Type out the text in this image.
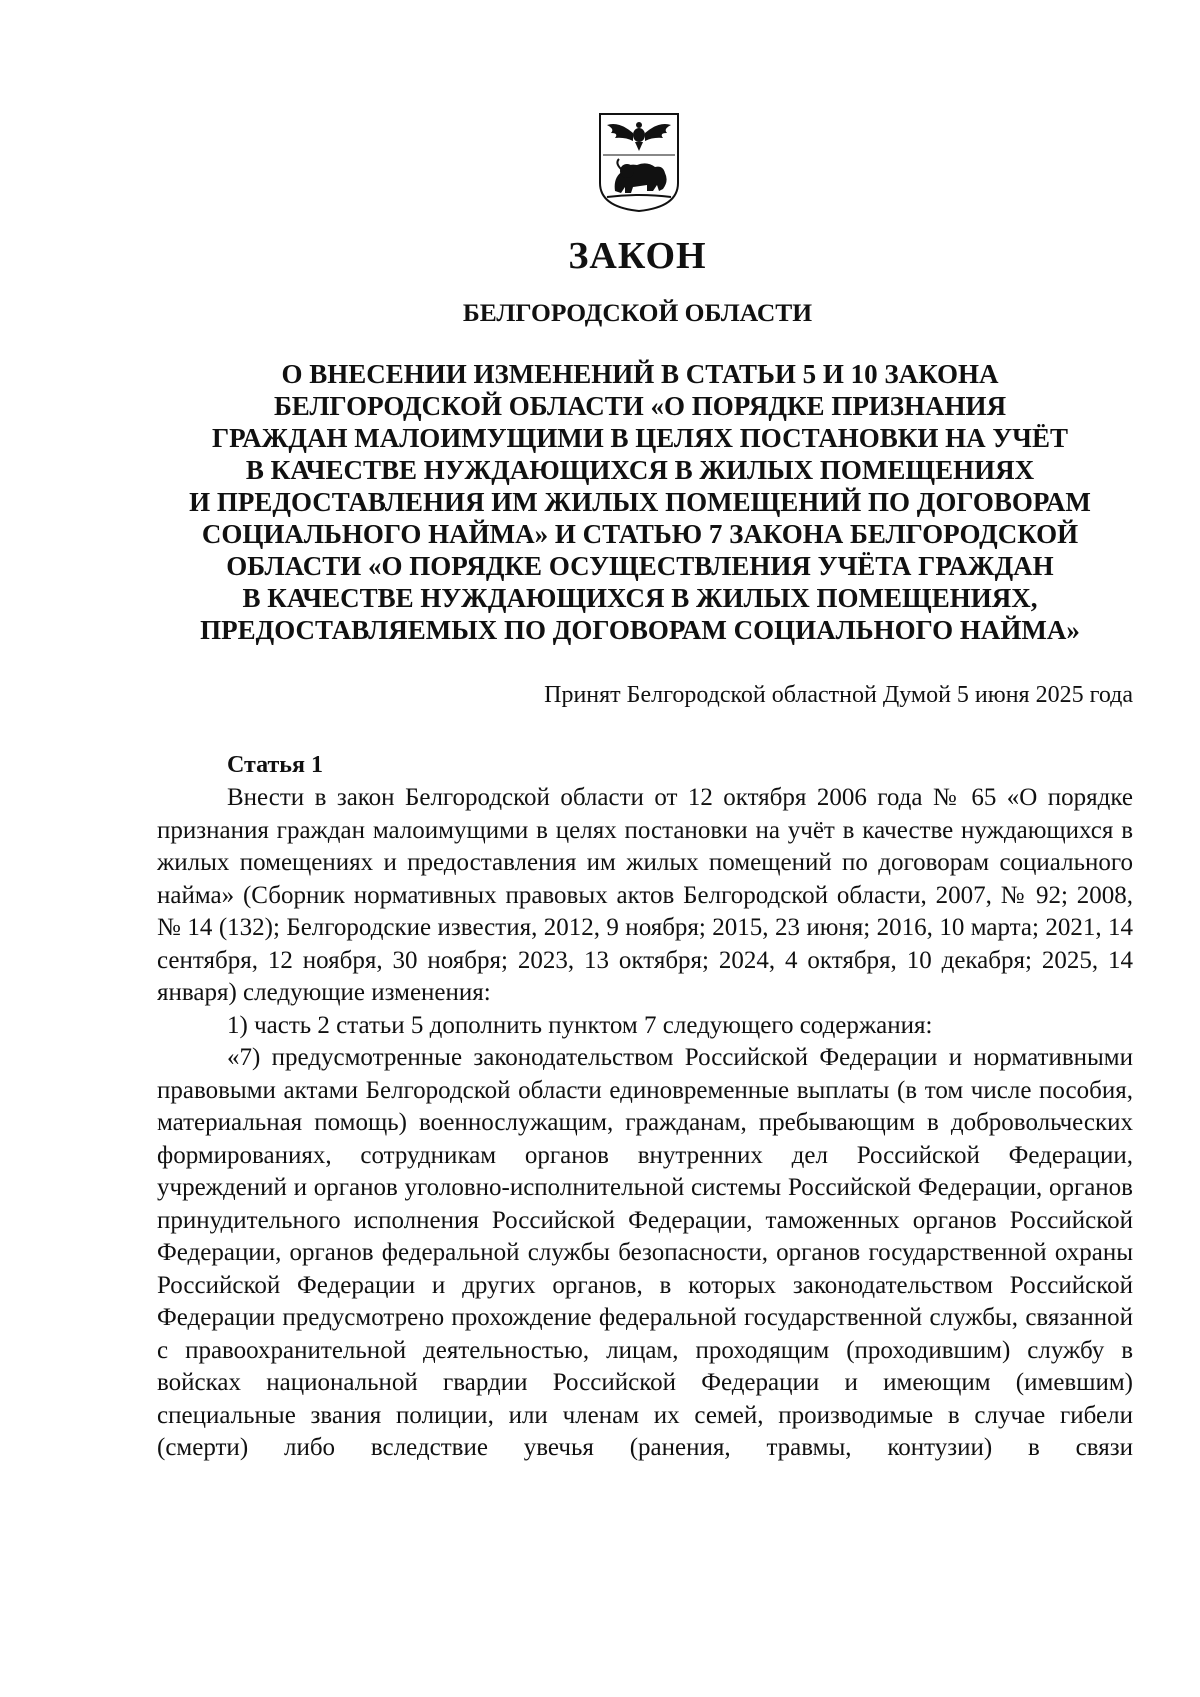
ЗАКОН
БЕЛГОРОДСКОЙ ОБЛАСТИ
О ВНЕСЕНИИ ИЗМЕНЕНИЙ В СТАТЬИ 5 И 10 ЗАКОНА
БЕЛГОРОДСКОЙ ОБЛАСТИ «О ПОРЯДКЕ ПРИЗНАНИЯ
ГРАЖДАН МАЛОИМУЩИМИ В ЦЕЛЯХ ПОСТАНОВКИ НА УЧЁТ
В КАЧЕСТВЕ НУЖДАЮЩИХСЯ В ЖИЛЫХ ПОМЕЩЕНИЯХ
И ПРЕДОСТАВЛЕНИЯ ИМ ЖИЛЫХ ПОМЕЩЕНИЙ ПО ДОГОВОРАМ
СОЦИАЛЬНОГО НАЙМА» И СТАТЬЮ 7 ЗАКОНА БЕЛГОРОДСКОЙ
ОБЛАСТИ «О ПОРЯДКЕ ОСУЩЕСТВЛЕНИЯ УЧЁТА ГРАЖДАН
В КАЧЕСТВЕ НУЖДАЮЩИХСЯ В ЖИЛЫХ ПОМЕЩЕНИЯХ,
ПРЕДОСТАВЛЯЕМЫХ ПО ДОГОВОРАМ СОЦИАЛЬНОГО НАЙМА»
Принят Белгородской областной Думой 5 июня 2025 года
Статья 1

Внести в закон Белгородской области от 12 октября 2006 года № 65 «О порядке признания граждан малоимущими в целях постановки на учёт в качестве нуждающихся в жилых помещениях и предоставления им жилых помещений по договорам социального найма» (Сборник нормативных правовых актов Белгородской области, 2007, № 92; 2008, № 14 (132); Белгородские известия, 2012, 9 ноября; 2015, 23 июня; 2016, 10 марта; 2021, 14 сентября, 12 ноября, 30 ноября; 2023, 13 октября; 2024, 4 октября, 10 декабря; 2025, 14 января) следующие изменения:

1) часть 2 статьи 5 дополнить пунктом 7 следующего содержания:

«7) предусмотренные законодательством Российской Федерации и нормативными правовыми актами Белгородской области единовременные выплаты (в том числе пособия, материальная помощь) военнослужащим, гражданам, пребывающим в добровольческих формированиях, сотрудникам органов внутренних дел Российской Федерации, учреждений и органов уголовно-исполнительной системы Российской Федерации, органов принудительного исполнения Российской Федерации, таможенных органов Российской Федерации, органов федеральной службы безопасности, органов государственной охраны Российской Федерации и других органов, в которых законодательством Российской Федерации предусмотрено прохождение федеральной государственной службы, связанной с правоохранительной деятельностью, лицам, проходящим (проходившим) службу в войсках национальной гвардии Российской Федерации и имеющим (имевшим) специальные звания полиции, или членам их семей, производимые в случае гибели (смерти) либо вследствие увечья (ранения, травмы, контузии) в связи
